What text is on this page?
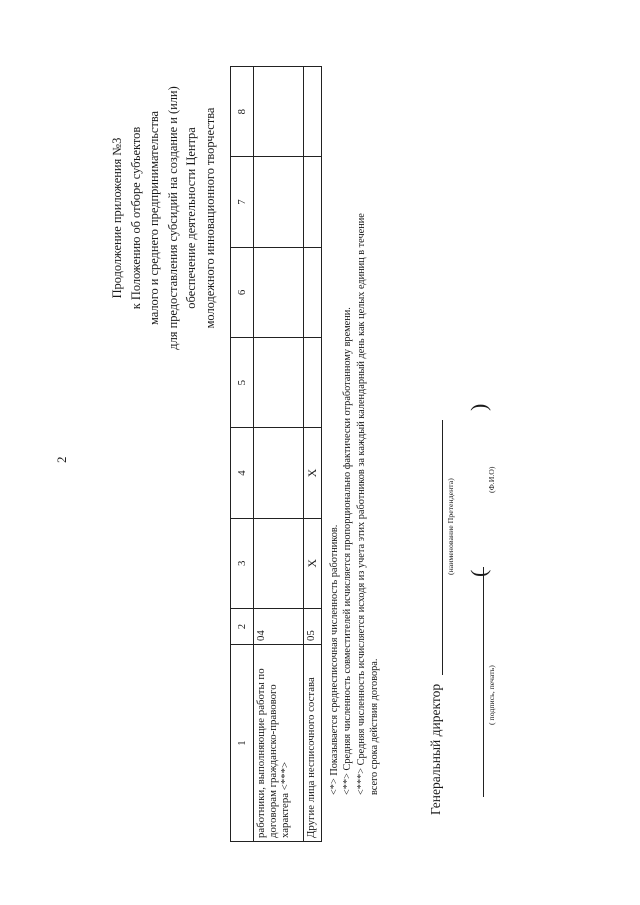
2
Продолжение приложения №3 к Положению об отборе субъектов малого и среднего предпринимательства для предоставления субсидий на создание и (или) обеспечение деятельности Центра молодежного инновационного творчества
1	2	3	4	5	6	7	8
работники, выполняющие работы по договорам гражданско-правового характера <***>	04						
Другие лица несписочного состава	05	X	X				
<*> Показывается среднесписочная численность работников. <**> Средняя численность совместителей исчисляется пропорционально фактически отработанному времени. <***> Средняя численность исчисляется исходя из учета этих работников за каждый календарный день как целых единиц в течение всего срока действия договора.	Генеральный директор
(наименование Претендента) (
)
( подпись, печать)
(Ф.И.О)
